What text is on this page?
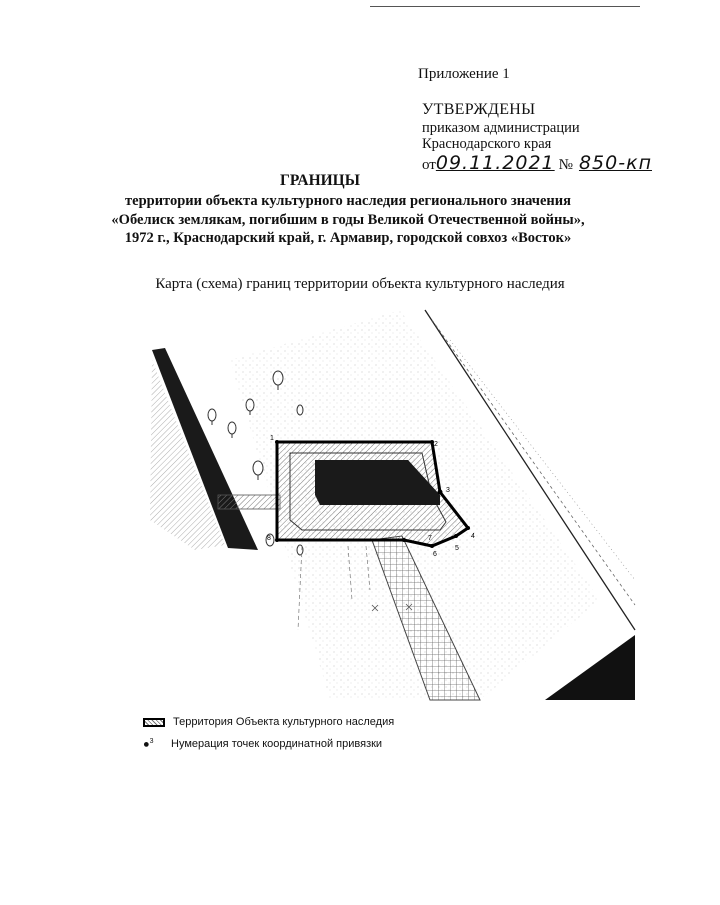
Приложение 1
УТВЕРЖДЕНЫ
приказом администрации
Краснодарского края
от 09.11.2021 № 850-кп
ГРАНИЦЫ
территории объекта культурного наследия регионального значения «Обелиск землякам, погибшим в годы Великой Отечественной войны», 1972 г., Краснодарский край, г. Армавир, городской совхоз «Восток»
Карта (схема) границ территории объекта культурного наследия
1
2
3
4
5
6
7
8
Территория Объекта культурного наследия
●$^3$	Нумерация точек координатной привязки
